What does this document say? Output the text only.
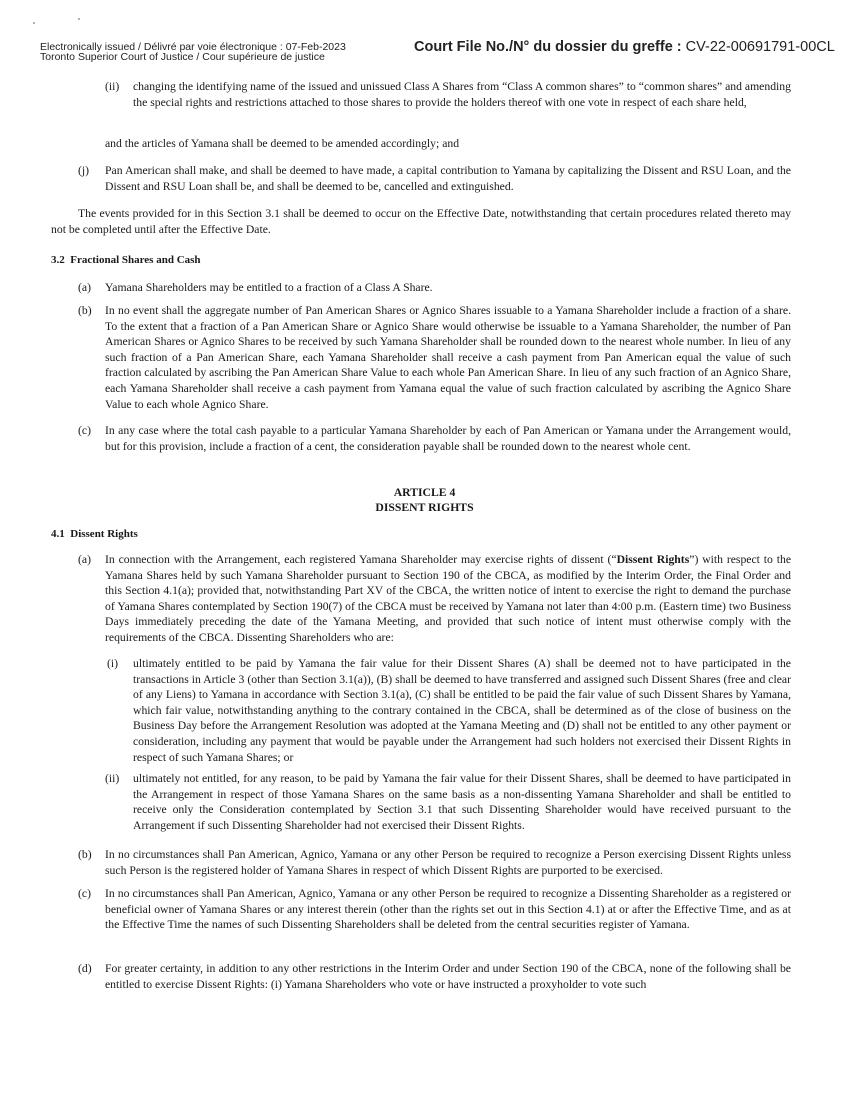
Electronically issued / Délivré par voie électronique : 07-Feb-2023
Toronto Superior Court of Justice / Cour supérieure de justice
Court File No./N° du dossier du greffe : CV-22-00691791-00CL
(ii) changing the identifying name of the issued and unissued Class A Shares from “Class A common shares” to “common shares” and amending the special rights and restrictions attached to those shares to provide the holders thereof with one vote in respect of each share held,

and the articles of Yamana shall be deemed to be amended accordingly; and

(j) Pan American shall make, and shall be deemed to have made, a capital contribution to Yamana by capitalizing the Dissent and RSU Loan, and the Dissent and RSU Loan shall be, and shall be deemed to be, cancelled and extinguished.

The events provided for in this Section 3.1 shall be deemed to occur on the Effective Date, notwithstanding that certain procedures related thereto may not be completed until after the Effective Date.

3.2  Fractional Shares and Cash
(a) Yamana Shareholders may be entitled to a fraction of a Class A Share.

(b) In no event shall the aggregate number of Pan American Shares or Agnico Shares issuable to a Yamana Shareholder include a fraction of a share. To the extent that a fraction of a Pan American Share or Agnico Share would otherwise be issuable to a Yamana Shareholder, the number of Pan American Shares or Agnico Shares to be received by such Yamana Shareholder shall be rounded down to the nearest whole number. In lieu of any such fraction of a Pan American Share, each Yamana Shareholder shall receive a cash payment from Pan American equal the value of such fraction calculated by ascribing the Pan American Share Value to each whole Pan American Share. In lieu of any such fraction of an Agnico Share, each Yamana Shareholder shall receive a cash payment from Yamana equal the value of such fraction calculated by ascribing the Agnico Share Value to each whole Agnico Share.

(c) In any case where the total cash payable to a particular Yamana Shareholder by each of Pan American or Yamana under the Arrangement would, but for this provision, include a fraction of a cent, the consideration payable shall be rounded down to the nearest whole cent.

ARTICLE 4
DISSENT RIGHTS
4.1  Dissent Rights
(a) In connection with the Arrangement, each registered Yamana Shareholder may exercise rights of dissent (“Dissent Rights”) with respect to the Yamana Shares held by such Yamana Shareholder pursuant to Section 190 of the CBCA, as modified by the Interim Order, the Final Order and this Section 4.1(a); provided that, notwithstanding Part XV of the CBCA, the written notice of intent to exercise the right to demand the purchase of Yamana Shares contemplated by Section 190(7) of the CBCA must be received by Yamana not later than 4:00 p.m. (Eastern time) two Business Days immediately preceding the date of the Yamana Meeting, and provided that such notice of intent must otherwise comply with the requirements of the CBCA. Dissenting Shareholders who are:

(i) ultimately entitled to be paid by Yamana the fair value for their Dissent Shares (A) shall be deemed not to have participated in the transactions in Article 3 (other than Section 3.1(a)), (B) shall be deemed to have transferred and assigned such Dissent Shares (free and clear of any Liens) to Yamana in accordance with Section 3.1(a), (C) shall be entitled to be paid the fair value of such Dissent Shares by Yamana, which fair value, notwithstanding anything to the contrary contained in the CBCA, shall be determined as of the close of business on the Business Day before the Arrangement Resolution was adopted at the Yamana Meeting and (D) shall not be entitled to any other payment or consideration, including any payment that would be payable under the Arrangement had such holders not exercised their Dissent Rights in respect of such Yamana Shares; or

(ii) ultimately not entitled, for any reason, to be paid by Yamana the fair value for their Dissent Shares, shall be deemed to have participated in the Arrangement in respect of those Yamana Shares on the same basis as a non-dissenting Yamana Shareholder and shall be entitled to receive only the Consideration contemplated by Section 3.1 that such Dissenting Shareholder would have received pursuant to the Arrangement if such Dissenting Shareholder had not exercised their Dissent Rights.

(b) In no circumstances shall Pan American, Agnico, Yamana or any other Person be required to recognize a Person exercising Dissent Rights unless such Person is the registered holder of Yamana Shares in respect of which Dissent Rights are purported to be exercised.

(c) In no circumstances shall Pan American, Agnico, Yamana or any other Person be required to recognize a Dissenting Shareholder as a registered or beneficial owner of Yamana Shares or any interest therein (other than the rights set out in this Section 4.1) at or after the Effective Time, and as at the Effective Time the names of such Dissenting Shareholders shall be deleted from the central securities register of Yamana.

(d) For greater certainty, in addition to any other restrictions in the Interim Order and under Section 190 of the CBCA, none of the following shall be entitled to exercise Dissent Rights: (i) Yamana Shareholders who vote or have instructed a proxyholder to vote such
